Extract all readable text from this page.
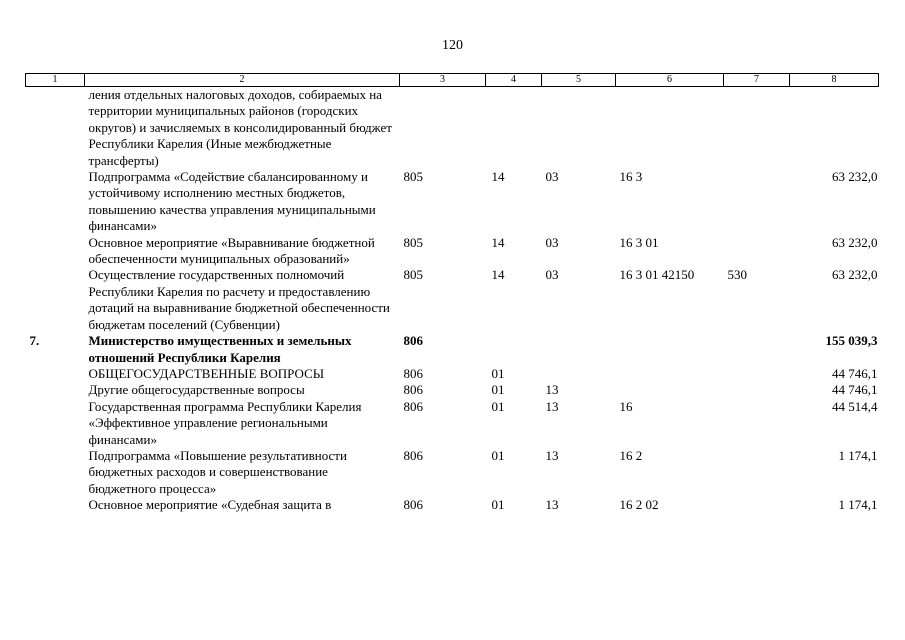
120
1	2	3	4	5	6	7	8
	ления отдельных налоговых доходов, собираемых на территории муниципальных районов (городских округов) и зачисляемых в консолидированный бюджет Республики Карелия (Иные межбюджетные трансферты)						
	Подпрограмма «Содействие сбалансированному и устойчивому исполнению местных бюджетов, повышению качества управления муниципальными финансами»	805	14	03	16 3		63 232,0
	Основное мероприятие «Выравнивание бюджетной обеспеченности муниципальных образований»	805	14	03	16 3 01		63 232,0
	Осуществление государственных полномочий Республики Карелия по расчету и предоставлению дотаций на выравнивание бюджетной обеспеченности бюджетам поселений (Субвенции)	805	14	03	16 3 01 42150	530	63 232,0
7.	Министерство имущественных и земельных отношений Республики Карелия	806					155 039,3
	ОБЩЕГОСУДАРСТВЕННЫЕ ВОПРОСЫ	806	01				44 746,1
	Другие общегосударственные вопросы	806	01	13			44 746,1
	Государственная программа Республики Карелия «Эффективное управление региональными финансами»	806	01	13	16		44 514,4
	Подпрограмма «Повышение результативности бюджетных расходов и совершенствование бюджетного процесса»	806	01	13	16 2		1 174,1
	Основное мероприятие «Судебная защита в	806	01	13	16 2 02		1 174,1
